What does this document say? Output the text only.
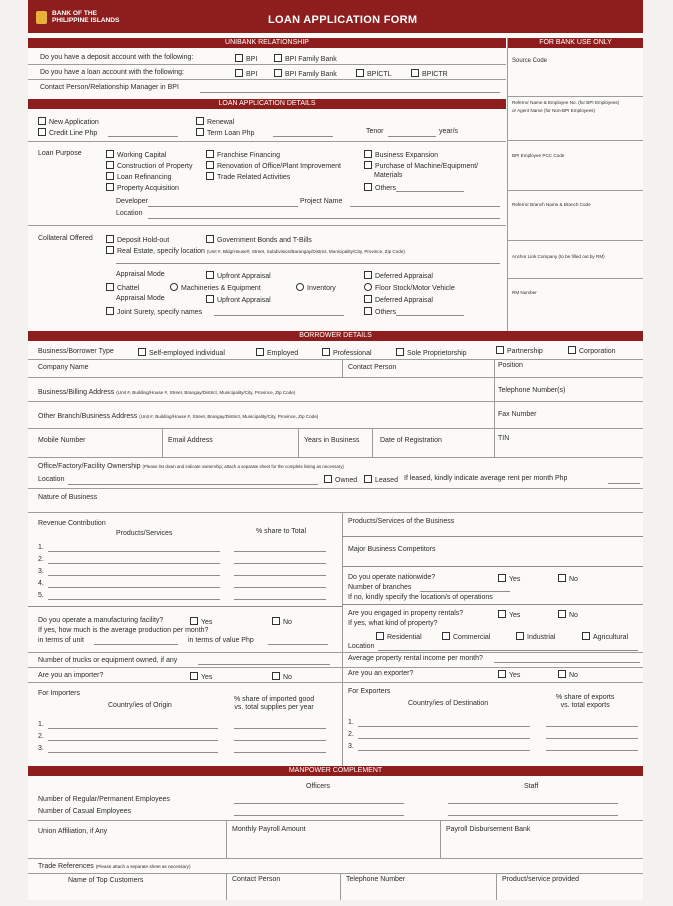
BANK OF THE
PHILIPPINE ISLANDS	LOAN APPLICATION FORM
UNIBANK RELATIONSHIP	FOR BANK USE ONLY
LOAN APPLICATION DETAILS
BORROWER DETAILS
MANPOWER COMPLEMENT
Do you have a deposit account with the following:	BPI	BPI Family Bank
Do you have a loan account with the following:	BPI	BPI Family Bank	BPICTL	BPICTR
Contact Person/Relationship Manager in BPI
Source Code
Referror Name & Employee No. (for BPI Employees)
or Agent Name (for Non-BPI Employees)
BPI Employee PCC Code
Referror Branch Name & Branch Code
Anchor Link Company (to be filled out by RM)
RM Number
New Application
Credit Line Php
Renewal
Term Loan Php	Tenor	year/s
Loan Purpose	Working Capital
Construction of Property
Loan Refinancing
Property Acquisition
Franchise Financing
Renovation of Office/Plant Improvement
Trade Related Activities
Business Expansion
Purchase of Machine/Equipment/
Materials
Others
Developer	Project Name
Location
Collateral Offered	Deposit Hold-out	Government Bonds and T-Bills
Real Estate, specify location (Unit #, Bldg/House#, Street, Subdivision/Barangay/District, Municipality/City, Province, Zip Code)
Appraisal Mode	Upfront Appraisal	Deferred Appraisal
Chattel	Machineries & Equipment	Inventory	Floor Stock/Motor Vehicle
Appraisal Mode	Upfront Appraisal	Deferred Appraisal
Joint Surety, specify names	Others
Business/Borrower Type	Self-employed individual	Employed	Professional	Sole Proprietorship	Partnership	Corporation
Company Name	Contact Person	Position
Business/Billing Address (Unit #, Building/House #, Street, Brangay/District, Municipality/City, Province, Zip Code)	Telephone Number(s)
Other Branch/Business Address (Unit #, Building/House #, Street, Brangay/District, Municipality/City, Province, Zip Code)	Fax Number
Mobile Number	Email Address	Years in Business	Date of Registration	TIN
Office/Factory/Facility Ownership (Please list down and indicate ownership; attach a separate sheet for the complete listing as necessary)
Location	Owned	Leased If leased, kindly indicate average rent per month Php
Nature of Business
Revenue Contribution
Products/Services	% share to Total
1.
2.
3.
4.
5.
Products/Services of the Business
Major Business Competitors
Do you operate nationwide?	Yes	No
Number of branches
If no, kindly specify the location/s of operations
Do you operate a manufacturing facility?	Yes	No
If yes, how much is the average production per month?
in terms of unit	in terms of value Php
Are you engaged in property rentals?	Yes	No
If yes, what kind of property?
Residential	Commercial	Industrial	Agricultural
Location
Number of trucks or equipment owned, if any	Average property rental income per month?
Are you an importer?	Yes	No
Are you an exporter?	Yes	No
For Importers
Country/ies of Origin
% share of imported good
vs. total supplies per year
1.
2.
3.
For Exporters
Country/ies of Destination
% share of exports
vs. total exports
1.
2.
3.
Officers	Staff
Number of Regular/Permanent Employees
Number of Casual Employees
Union Affiliation, if Any	Monthly Payroll Amount	Payroll Disbursement Bank
Trade References (Please attach a separate sheet as necessary)
Name of Top Customers	Contact Person	Telephone Number	Product/service provided
